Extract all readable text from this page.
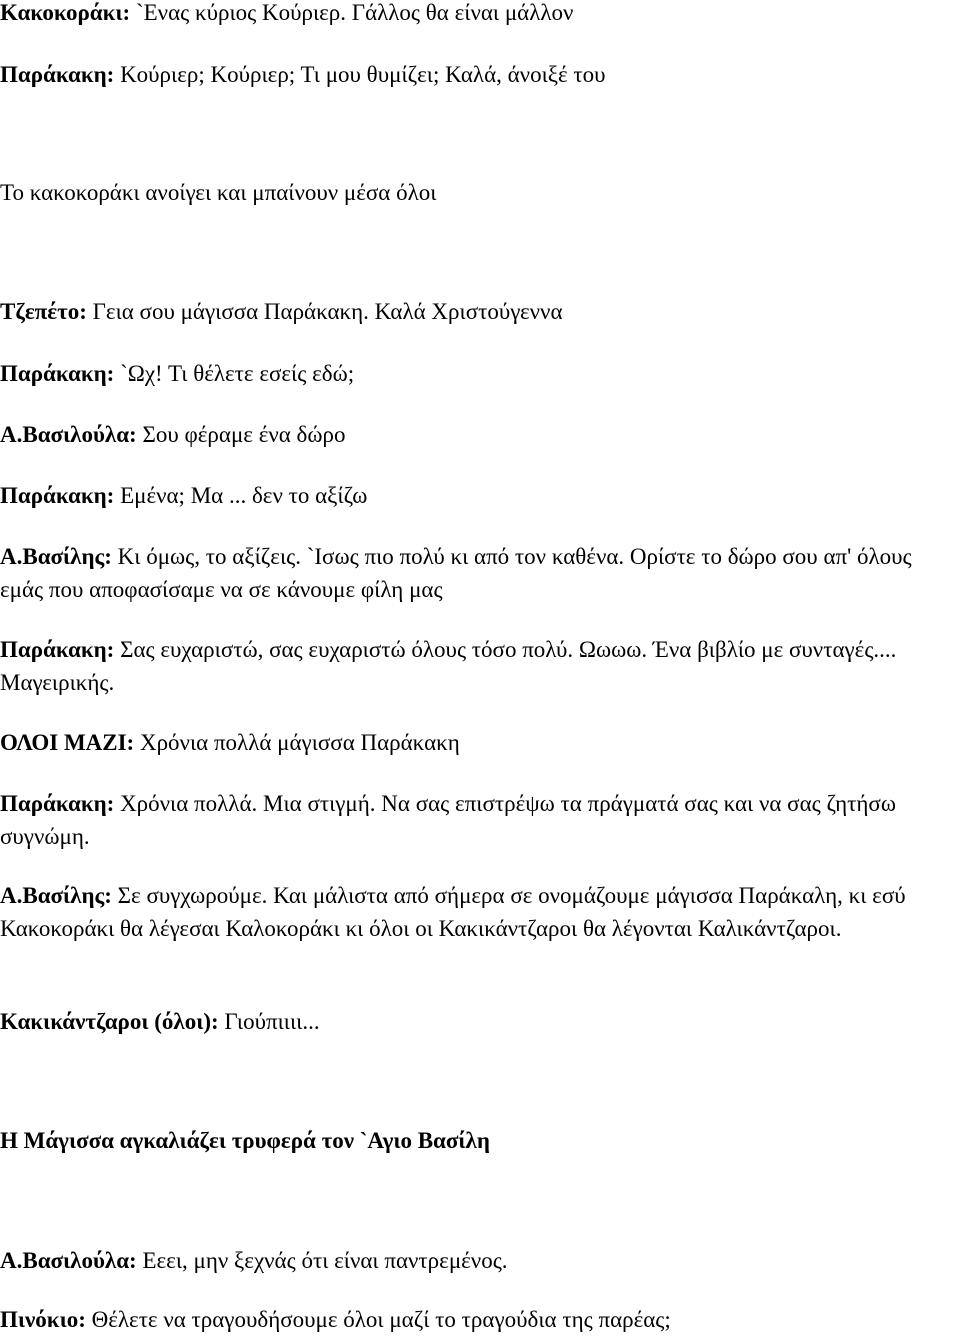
Κακοκοράκι: `Ενας κύριος Κούριερ. Γάλλος θα είναι μάλλον

Παράκακη: Κούριερ; Κούριερ; Τι μου θυμίζει; Καλά, άνοιξέ του

Το κακοκοράκι ανοίγει και μπαίνουν μέσα όλοι

Τζεπέτο: Γεια σου μάγισσα Παράκακη. Καλά Χριστούγεννα

Παράκακη: `Ωχ! Τι θέλετε εσείς εδώ;

Α.Βασιλούλα: Σου φέραμε ένα δώρο

Παράκακη: Εμένα; Μα ... δεν το αξίζω

Α.Βασίλης: Κι όμως, το αξίζεις. `Ισως πιο πολύ κι από τον καθένα. Ορίστε το δώρο σου απ' όλους εμάς που αποφασίσαμε να σε κάνουμε φίλη μας

Παράκακη: Σας ευχαριστώ, σας ευχαριστώ όλους τόσο πολύ. Ωωωω. Ένα βιβλίο με συνταγές.... Μαγειρικής.

ΟΛΟΙ ΜΑΖΙ: Χρόνια πολλά μάγισσα Παράκακη

Παράκακη: Χρόνια πολλά. Μια στιγμή. Να σας επιστρέψω τα πράγματά σας και να σας ζητήσω συγνώμη.

Α.Βασίλης: Σε συγχωρούμε. Και μάλιστα από σήμερα σε ονομάζουμε μάγισσα Παράκαλη, κι εσύ Κακοκοράκι θα λέγεσαι Καλοκοράκι κι όλοι οι Κακικάντζαροι θα λέγονται Καλικάντζαροι.

Κακικάντζαροι (όλοι): Γιούπιιιι...

Η Μάγισσα αγκαλιάζει τρυφερά τον `Αγιο Βασίλη

Α.Βασιλούλα: Εεει, μην ξεχνάς ότι είναι παντρεμένος.

Πινόκιο: Θέλετε να τραγουδήσουμε όλοι μαζί το τραγούδια της παρέας;
